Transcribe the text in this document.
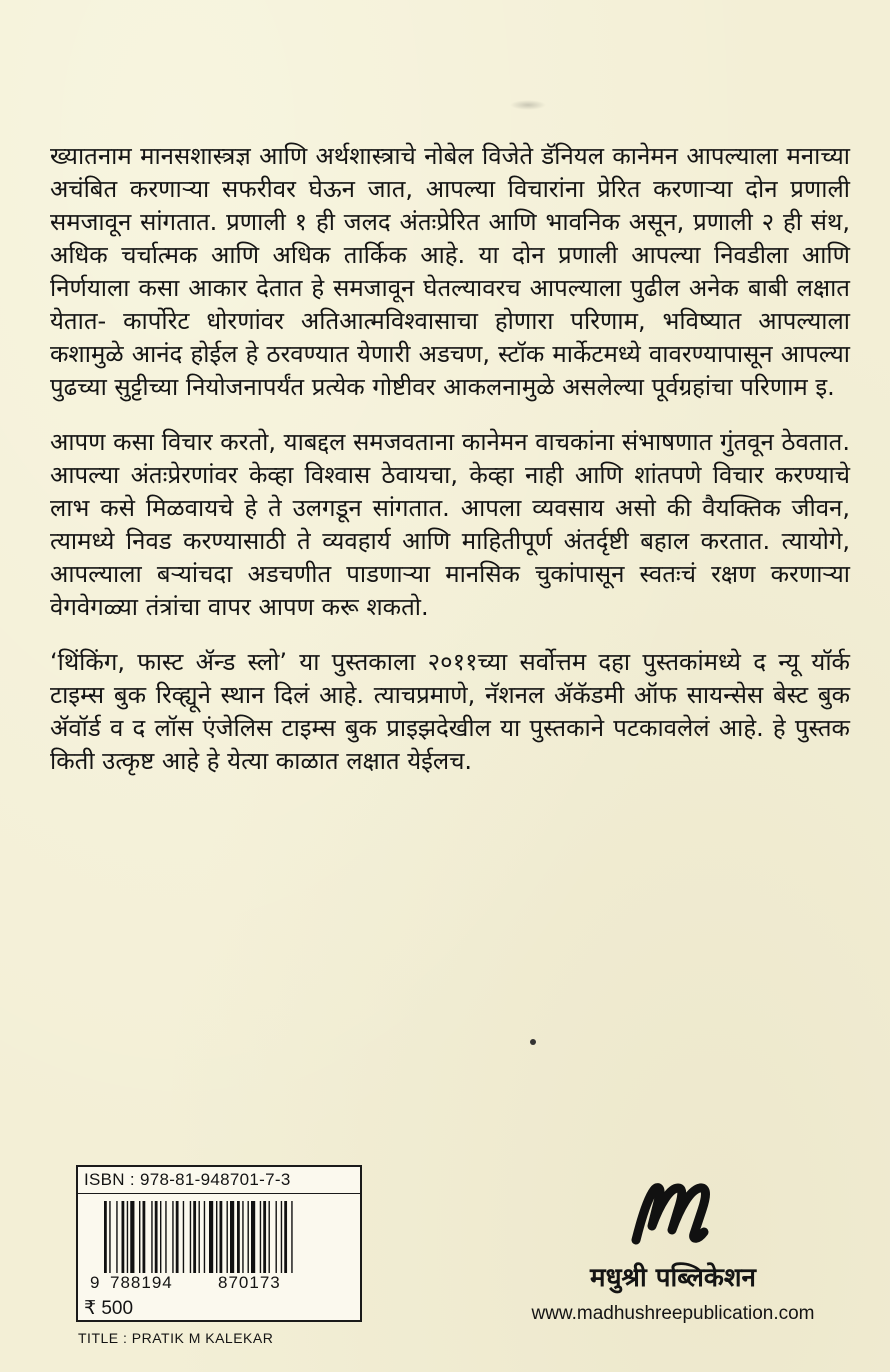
ख्यातनाम मानसशास्त्रज्ञ आणि अर्थशास्त्राचे नोबेल विजेते डॅनियल कानेमन आपल्याला मनाच्या अचंबित करणाऱ्या सफरीवर घेऊन जात, आपल्या विचारांना प्रेरित करणाऱ्या दोन प्रणाली समजावून सांगतात. प्रणाली १ ही जलद अंतःप्रेरित आणि भावनिक असून, प्रणाली २ ही संथ, अधिक चर्चात्मक आणि अधिक तार्किक आहे. या दोन प्रणाली आपल्या निवडीला आणि निर्णयाला कसा आकार देतात हे समजावून घेतल्यावरच आपल्याला पुढील अनेक बाबी लक्षात येतात- कार्पोरेट धोरणांवर अतिआत्मविश्वासाचा होणारा परिणाम, भविष्यात आपल्याला कशामुळे आनंद होईल हे ठरवण्यात येणारी अडचण, स्टॉक मार्केटमध्ये वावरण्यापासून आपल्या पुढच्या सुट्टीच्या नियोजनापर्यंत प्रत्येक गोष्टीवर आकलनामुळे असलेल्या पूर्वग्रहांचा परिणाम इ.

आपण कसा विचार करतो, याबद्दल समजवताना कानेमन वाचकांना संभाषणात गुंतवून ठेवतात. आपल्या अंतःप्रेरणांवर केव्हा विश्वास ठेवायचा, केव्हा नाही आणि शांतपणे विचार करण्याचे लाभ कसे मिळवायचे हे ते उलगडून सांगतात. आपला व्यवसाय असो की वैयक्तिक जीवन, त्यामध्ये निवड करण्यासाठी ते व्यवहार्य आणि माहितीपूर्ण अंतर्दृष्टी बहाल करतात. त्यायोगे, आपल्याला बऱ्यांचदा अडचणीत पाडणाऱ्या मानसिक चुकांपासून स्वतःचं रक्षण करणाऱ्या वेगवेगळ्या तंत्रांचा वापर आपण करू शकतो.

‘थिंकिंग, फास्ट ॲन्ड स्लो’ या पुस्तकाला २०११च्या सर्वोत्तम दहा पुस्तकांमध्ये द न्यू यॉर्क टाइम्स बुक रिव्ह्यूने स्थान दिलं आहे. त्याचप्रमाणे, नॅशनल ॲकॅडमी ऑफ सायन्सेस बेस्ट बुक ॲवॉर्ड व द लॉस एंजेलिस टाइम्स बुक प्राइझदेखील या पुस्तकाने पटकावलेलं आहे. हे पुस्तक किती उत्कृष्ट आहे हे येत्या काळात लक्षात येईलच.

ISBN : 978-81-948701-7-3
9 788194	870173
₹ 500
TITLE : PRATIK M KALEKAR
मधुश्री पब्लिकेशन
www.madhushreepublication.com
